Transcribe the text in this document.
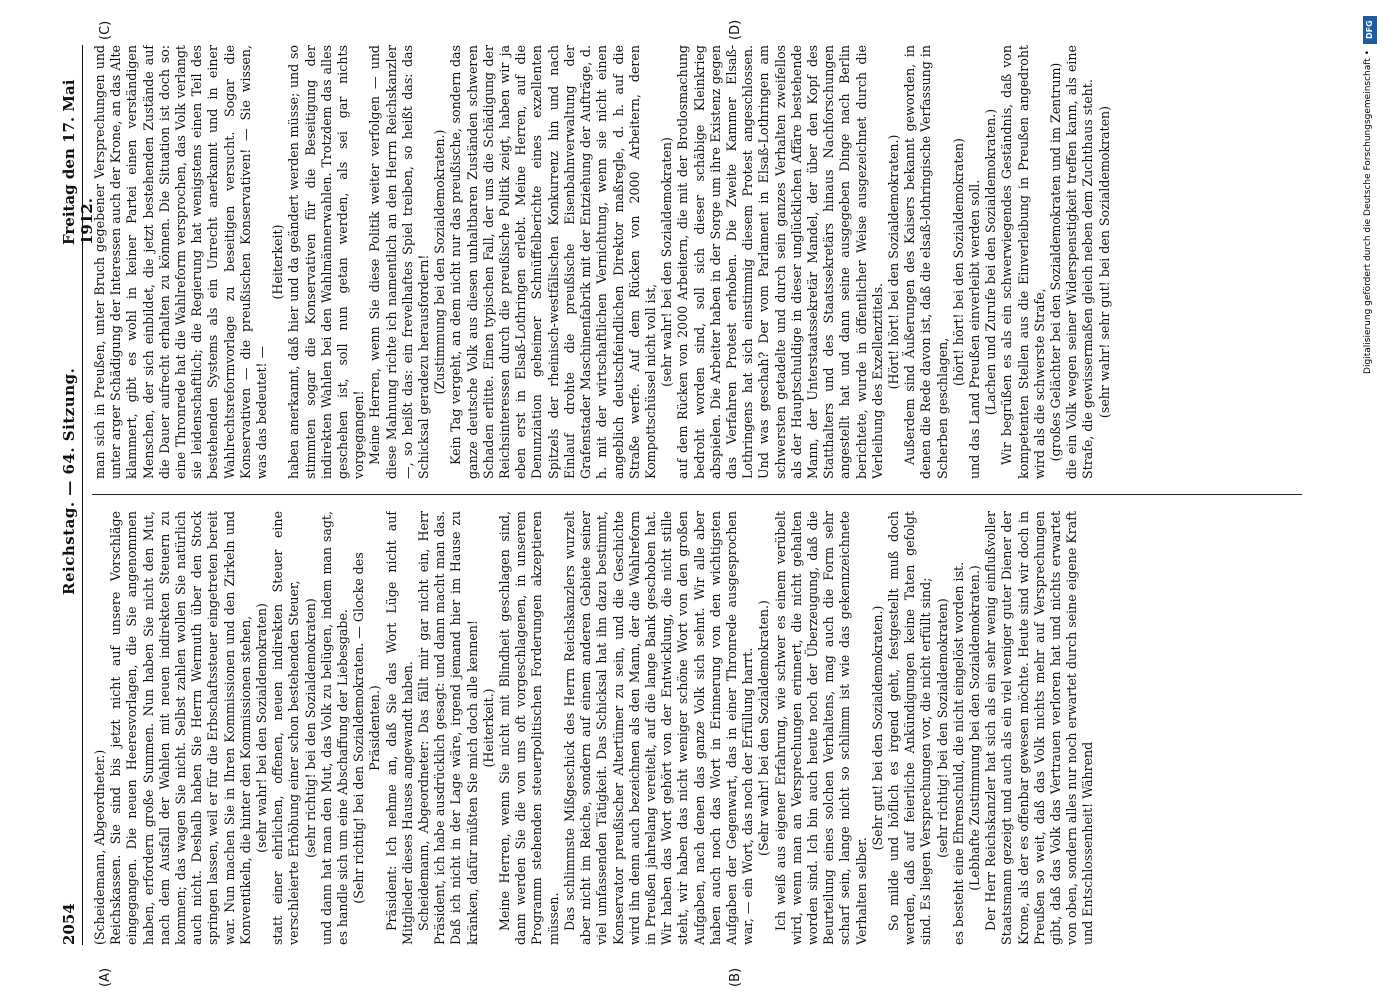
2054
Reichstag. — 64. Sitzung.
Freitag den 17. Mai 1912.
(A)	(B)
(C)	(D)

(Scheidemann, Abgeordneter.) Reichskassen. Sie sind bis jetzt nicht auf unsere Vorschläge eingegangen. Die neuen Heeresvorlagen, die Sie angenommen haben, erfordern große Summen. Nun haben Sie nicht den Mut, nach dem Ausfall der Wahlen mit neuen indirekten Steuern zu kommen; das wagen Sie nicht. Selbst zahlen wollen Sie natürlich auch nicht. Deshalb haben Sie Herrn Wermuth über den Stock springen lassen, weil er für die Erbschaftssteuer eingetreten bereit war. Nun machen Sie in Ihren Kommissionen und den Zirkeln und Konventikeln, die hinter den Kommissionen stehen, (sehr wahr! bei den Sozialdemokraten) statt einer ehrlichen, offenen, neuen indirekten Steuer eine verschleierte Erhöhung einer schon bestehenden Steuer, (sehr richtig! bei den Sozialdemokraten) und dann hat man den Mut, das Volk zu belügen, indem man sagt, es handle sich um eine Abschaffung der Liebesgabe. (Sehr richtig! bei den Sozialdemokraten. — Glocke des Präsidenten.) Präsident: Ich nehme an, daß Sie das Wort Lüge nicht auf Mitglieder dieses Hauses angewandt haben. Scheidemann, Abgeordneter: Das fällt mir gar nicht ein, Herr Präsident, ich habe ausdrücklich gesagt: und dann macht man das. Daß ich nicht in der Lage wäre, irgend jemand hier im Hause zu kränken, dafür müßten Sie mich doch alle kennen! (Heiterkeit.) Meine Herren, wenn Sie nicht mit Blindheit geschlagen sind, dann werden Sie die von uns oft vorgeschlagenen, in unserem Programm stehenden steuerpolitischen Forderungen akzeptieren müssen. Das schlimmste Mißgeschick des Herrn Reichskanzlers wurzelt aber nicht im Reiche, sondern auf einem anderen Gebiete seiner viel umfassenden Tätigkeit. Das Schicksal hat ihn dazu bestimmt, Konservator preußischer Altertümer zu sein, und die Geschichte wird ihn denn auch bezeichnen als den Mann, der die Wahlreform in Preußen jahrelang vereitelt, auf die lange Bank geschoben hat. Wir haben das Wort gehört von der Entwicklung, die nicht stille steht, wir haben das nicht weniger schöne Wort von den großen Aufgaben, nach denen das ganze Volk sich sehnt. Wir alle aber haben auch noch das Wort in Erinnerung von den wichtigsten Aufgaben der Gegenwart, das in einer Thronrede ausgesprochen war, — ein Wort, das noch der Erfüllung harrt. (Sehr wahr! bei den Sozialdemokraten.) Ich weiß aus eigener Erfahrung, wie schwer es einem verübelt wird, wenn man an Versprechungen erinnert, die nicht gehalten worden sind. Ich bin auch heute noch der Überzeugung, daß die Beurteilung eines solchen Verhaltens, mag auch die Form sehr scharf sein, lange nicht so schlimm ist wie das gekennzeichnete Verhalten selber.

(Sehr gut! bei den Sozialdemokraten.) So milde und höflich es irgend geht, festgestellt muß doch werden, daß auf feierliche Ankündigungen keine Taten gefolgt sind. Es liegen Versprechungen vor, die nicht erfüllt sind; (sehr richtig! bei den Sozialdemokraten) es besteht eine Ehrenschuld, die nicht eingelöst worden ist. (Lebhafte Zustimmung bei den Sozialdemokraten.) Der Herr Reichskanzler hat sich als ein sehr wenig einflußvoller Staatsmann gezeigt und auch als ein viel weniger guter Diener der Krone, als der es offenbar gewesen möchte. Heute sind wir doch in Preußen so weit, daß das Volk nichts mehr auf Versprechungen gibt, daß das Volk das Vertrauen verloren hat und nichts erwartet von oben, sondern alles nur noch erwartet durch seine eigene Kraft und Entschlossenheit! Während

man sich in Preußen, unter Bruch gegebener Versprechungen und unter arger Schädigung der Interessen auch der Krone, an das Alte klammert, gibt es wohl in keiner Partei einen verständigen Menschen, der sich einbildet, die jetzt bestehenden Zustände auf die Dauer aufrecht erhalten zu können. Die Situation ist doch so: eine Thronrede hat die Wahlreform versprochen, das Volk verlangt sie leidenschaftlich; die Regierung hat wenigstens einen Teil des bestehenden Systems als ein Unrecht anerkannt und in einer Wahlrechtsreformvorlage zu beseitigen versucht. Sogar die Konservativen — die preußischen Konservativen! — Sie wissen, was das bedeutet! —

(Heiterkeit) haben anerkannt, daß hier und da geändert werden müsse; und so stimmten sogar die Konservativen für die Beseitigung der indirekten Wahlen bei den Wahlmännerwahlen. Trotzdem das alles geschehen ist, soll nun getan werden, als sei gar nichts vorgegangen! Meine Herren, wenn Sie diese Politik weiter verfolgen — und diese Mahnung richte ich namentlich an den Herrn Reichskanzler —, so heißt das: ein frevelhaftes Spiel treiben, so heißt das: das Schicksal geradezu herausfordern! (Zustimmung bei den Sozialdemokraten.) Kein Tag vergeht, an dem nicht nur das preußische, sondern das ganze deutsche Volk aus diesen unhaltbaren Zuständen schweren Schaden erlitte. Einen typischen Fall, der uns die Schädigung der Reichsinteressen durch die preußische Politik zeigt, haben wir ja eben erst in Elsaß-Lothringen erlebt. Meine Herren, auf die Denunziation geheimer Schnüffelberichte eines exzellenten Spitzels der rheinisch-westfälischen Konkurrenz hin und nach Einlauf drohte die preußische Eisenbahnverwaltung der Grafenstader Maschinenfabrik mit der Entziehung der Aufträge, d. h. mit der wirtschaftlichen Vernichtung, wenn sie nicht einen angeblich deutschfeindlichen Direktor maßregle, d. h. auf die Straße werfe. Auf dem Rücken von 2000 Arbeitern, deren Kompottschüssel nicht voll ist, (sehr wahr! bei den Sozialdemokraten) auf dem Rücken von 2000 Arbeitern, die mit der Brotlosmachung bedroht worden sind, soll sich dieser schäbige Kleinkrieg abspielen. Die Arbeiter haben in der Sorge um ihre Existenz gegen das Verfahren Protest erhoben. Die Zweite Kammer Elsaß-Lothringens hat sich einstimmig diesem Protest angeschlossen. Und was geschah? Der vom Parlament in Elsaß-Lothringen am schwersten getadelte und durch sein ganzes Verhalten zweifellos als der Hauptschuldige in dieser unglücklichen Affäre bestehende Mann, der Unterstaatssekretär Mandel, der über den Kopf des Statthalters und des Staatssekretärs hinaus Nachforschungen angestellt hat und dann seine ausgegeben Dinge nach Berlin berichtete, wurde in öffentlicher Weise ausgezeichnet durch die Verleihung des Exzellenztitels. (Hört! hört! bei den Sozialdemokraten.) Außerdem sind Äußerungen des Kaisers bekannt geworden, in denen die Rede davon ist, daß die elsaß-lothringische Verfassung in Scherben geschlagen,

(hört! hört! bei den Sozialdemokraten) und das Land Preußen einverleibt werden soll. (Lachen und Zurufe bei den Sozialdemokraten.) Wir begrüßen es als ein schwerwiegendes Geständnis, daß von kompetenten Stellen aus die Einverleibung in Preußen angedroht wird als die schwerste Strafe, (großes Gelächter bei den Sozialdemokraten und im Zentrum) die ein Volk wegen seiner Widerspenstigkeit treffen kann, als eine Strafe, die gewissermaßen gleich neben dem Zuchthaus steht. (sehr wahr! sehr gut! bei den Sozialdemokraten)

DFG
Digitalisierung gefördert durch die Deutsche Forschungsgemeinschaft •
